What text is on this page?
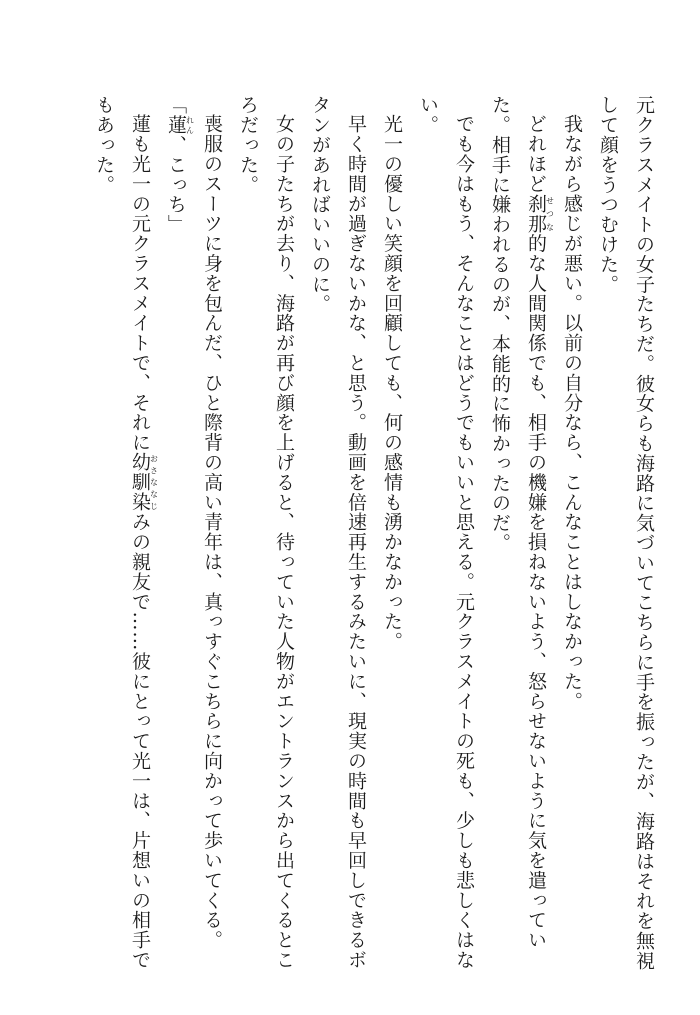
元クラスメイトの女子たちだ。彼女らも海路に気づいてこちらに手を振ったが、海路はそれを無視して顔をうつむけた。

我ながら感じが悪い。以前の自分なら、こんなことはしなかった。

どれほど刹那せつな的な人間関係でも、相手の機嫌を損ねないよう、怒らせないように気を遣っていた。相手に嫌われるのが、本能的に怖かったのだ。

でも今はもう、そんなことはどうでもいいと思える。元クラスメイトの死も、少しも悲しくはない。

光一の優しい笑顔を回顧しても、何の感情も湧かなかった。

早く時間が過ぎないかな、と思う。動画を倍速再生するみたいに、現実の時間も早回しできるボタンがあればいいのに。

女の子たちが去り、海路が再び顔を上げると、待っていた人物がエントランスから出てくるところだった。

喪服のスーツに身を包んだ、ひと際背の高い青年は、真っすぐこちらに向かって歩いてくる。

「蓮れん、こっち」

蓮も光一の元クラスメイトで、それに幼馴染おさななじみの親友で……彼にとって光一は、片想いの相手でもあった。
